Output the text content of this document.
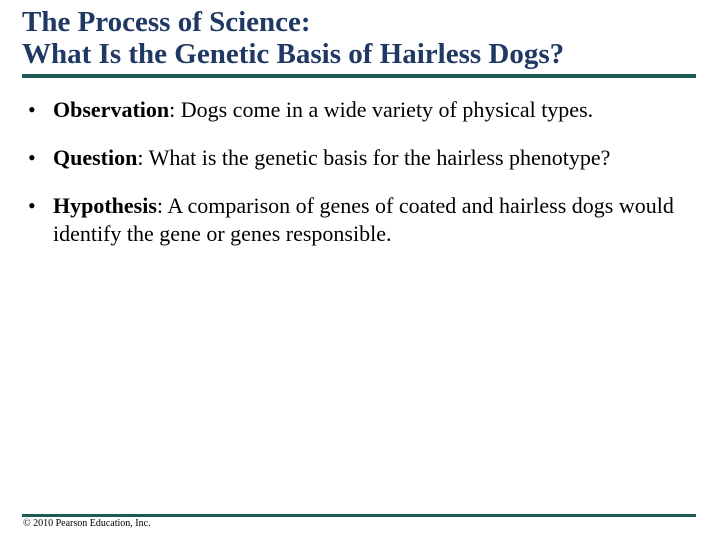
The Process of Science:
What Is the Genetic Basis of Hairless Dogs?
• Observation: Dogs come in a wide variety of physical types.
• Question: What is the genetic basis for the hairless phenotype?
• Hypothesis: A comparison of genes of coated and hairless dogs would identify the gene or genes responsible.
© 2010 Pearson Education, Inc.
